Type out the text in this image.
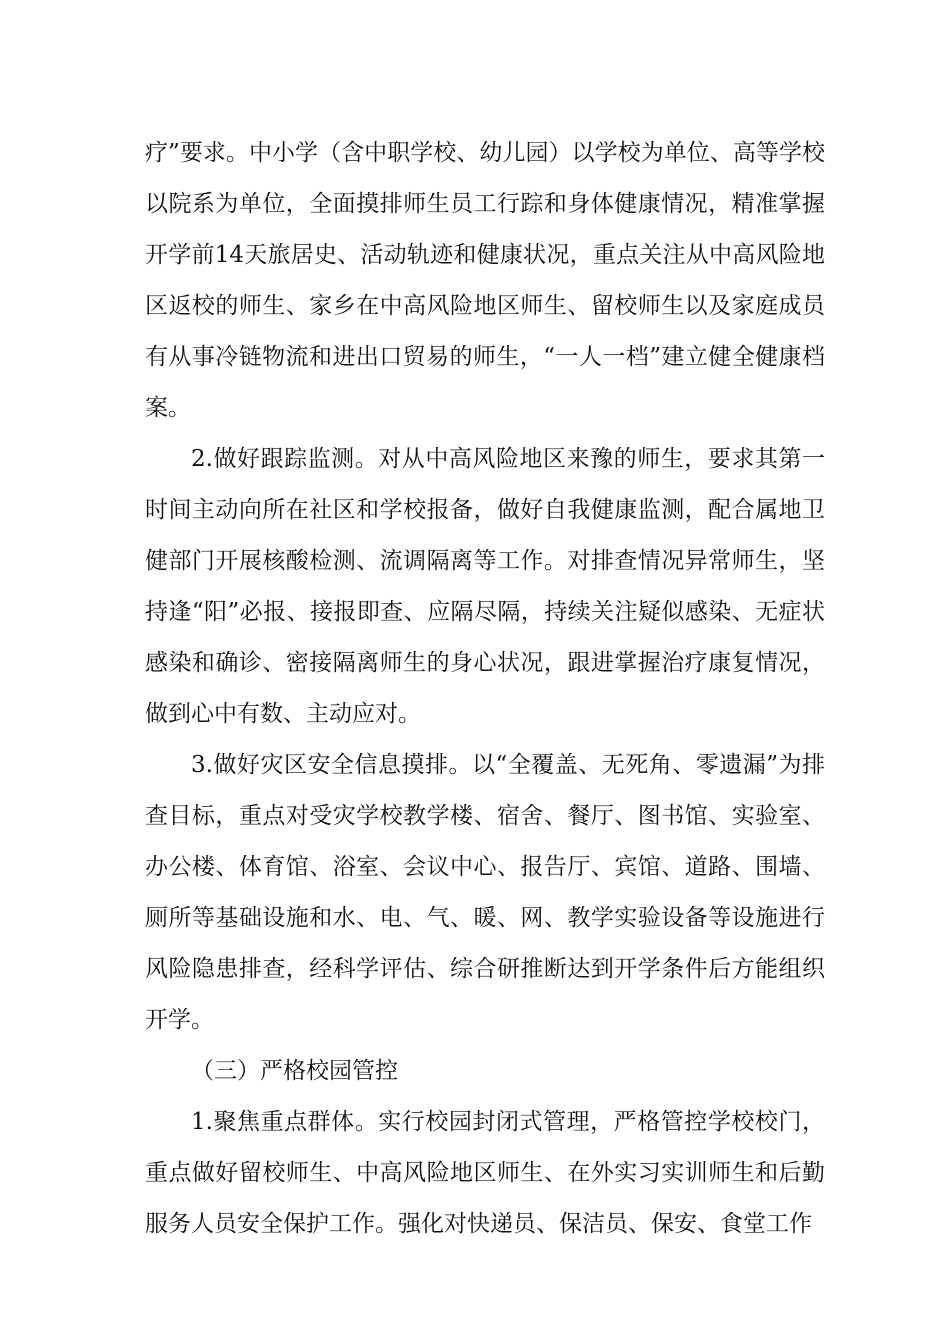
疗”要求。中小学（含中职学校、幼儿园）以学校为单位、高等学校以院系为单位，全面摸排师生员工行踪和身体健康情况，精准掌握开学前14天旅居史、活动轨迹和健康状况，重点关注从中高风险地区返校的师生、家乡在中高风险地区师生、留校师生以及家庭成员有从事冷链物流和进出口贸易的师生，“一人一档”建立健全健康档案。

2.做好跟踪监测。对从中高风险地区来豫的师生，要求其第一时间主动向所在社区和学校报备，做好自我健康监测，配合属地卫健部门开展核酸检测、流调隔离等工作。对排查情况异常师生，坚持逢“阳”必报、接报即查、应隔尽隔，持续关注疑似感染、无症状感染和确诊、密接隔离师生的身心状况，跟进掌握治疗康复情况，做到心中有数、主动应对。

3.做好灾区安全信息摸排。以“全覆盖、无死角、零遗漏”为排查目标，重点对受灾学校教学楼、宿舍、餐厅、图书馆、实验室、办公楼、体育馆、浴室、会议中心、报告厅、宾馆、道路、围墙、厕所等基础设施和水、电、气、暖、网、教学实验设备等设施进行风险隐患排查，经科学评估、综合研推断达到开学条件后方能组织开学。

（三）严格校园管控

1.聚焦重点群体。实行校园封闭式管理，严格管控学校校门，重点做好留校师生、中高风险地区师生、在外实习实训师生和后勤服务人员安全保护工作。强化对快递员、保洁员、保安、食堂工作
